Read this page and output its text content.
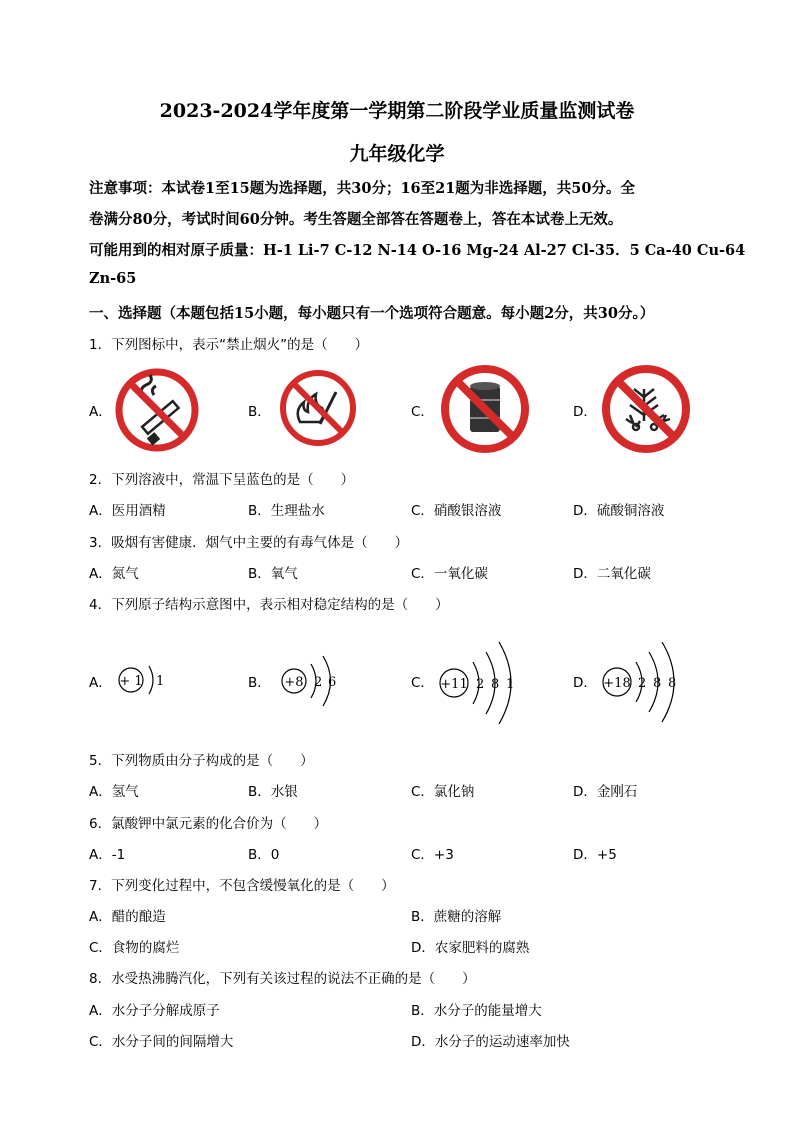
2023-2024学年度第一学期第二阶段学业质量监测试卷
九年级化学
注意事项：本试卷1至15题为选择题，共30分；16至21题为非选择题，共50分。全
卷满分80分，考试时间60分钟。考生答题全部答在答题卷上，答在本试卷上无效。
可能用到的相对原子质量：H-1 Li-7 C-12 N-14 O-16 Mg-24 Al-27 Cl-35．5 Ca-40 Cu-64
Zn-65
一、选择题（本题包括15小题，每小题只有一个选项符合题意。每小题2分，共30分。）
1．下列图标中，表示“禁止烟火”的是（　　）
A．	B．	C．	D．
2．下列溶液中，常温下呈蓝色的是（　　）
A．医用酒精	B．生理盐水	C．硝酸银溶液	D．硫酸铜溶液
3．吸烟有害健康．烟气中主要的有毒气体是（　　）
A．氮气	B．氧气	C．一氧化碳	D．二氧化碳
4．下列原子结构示意图中，表示相对稳定结构的是（　　）
A．	B．	C．	D．
+ 1 1	+8 2 6	+11 2 8 1	+18 2 8 8
5．下列物质由分子构成的是（　　）
A．氢气	B．水银	C．氯化钠	D．金刚石
6．氯酸钾中氯元素的化合价为（　　）
A．-1	B．0	C．+3	D．+5
7．下列变化过程中，不包含缓慢氧化的是（　　）
A．醋的酿造	B．蔗糖的溶解
C．食物的腐烂	D．农家肥料的腐熟
8．水受热沸腾汽化，下列有关该过程的说法不正确的是（　　）
A．水分子分解成原子	B．水分子的能量增大
C．水分子间的间隔增大	D．水分子的运动速率加快
